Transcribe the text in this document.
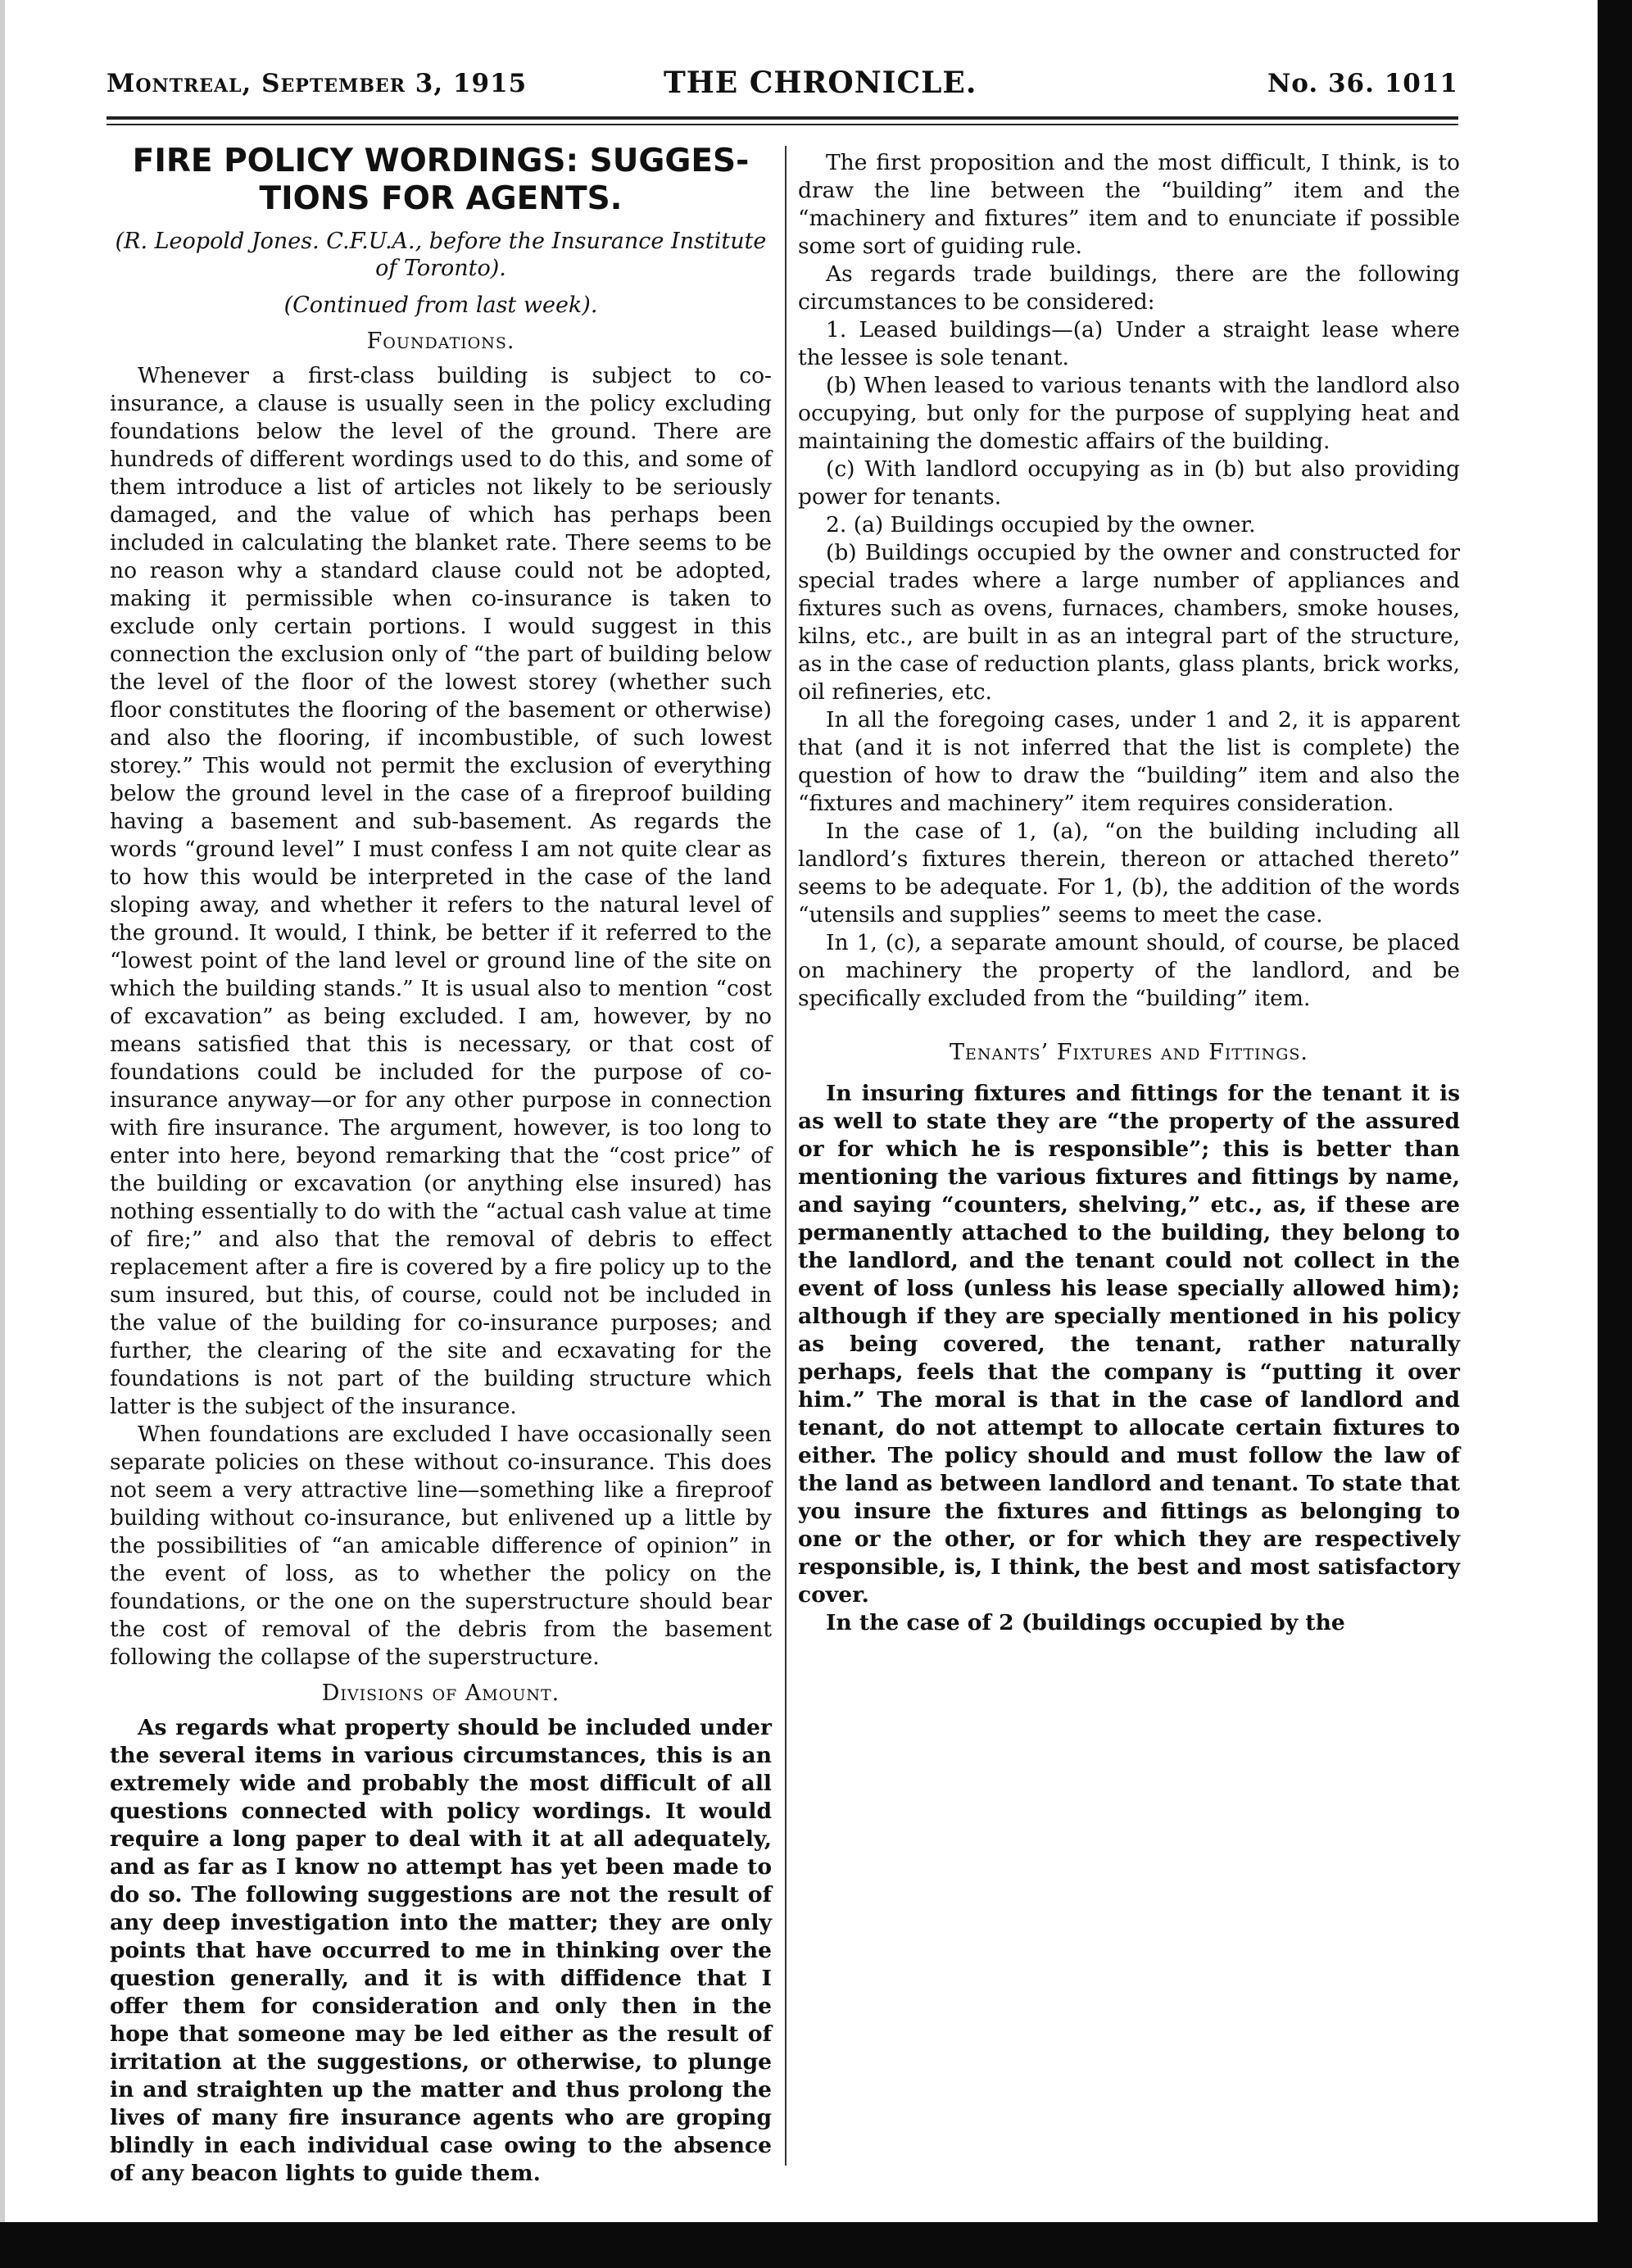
Montreal, September 3, 1915	THE CHRONICLE.	No. 36. 1011
FIRE POLICY WORDINGS: SUGGES-TIONS FOR AGENTS.
(R. Leopold Jones. C.F.U.A., before the Insurance Institute of Toronto).
(Continued from last week).
Foundations.

Whenever a first-class building is subject to co-insurance, a clause is usually seen in the policy excluding foundations below the level of the ground. There are hundreds of different wordings used to do this, and some of them introduce a list of articles not likely to be seriously damaged, and the value of which has perhaps been included in calculating the blanket rate. There seems to be no reason why a standard clause could not be adopted, making it permissible when co-insurance is taken to exclude only certain portions. I would suggest in this connection the exclusion only of “the part of building below the level of the floor of the lowest storey (whether such floor constitutes the flooring of the basement or otherwise) and also the flooring, if incombustible, of such lowest storey.” This would not permit the exclusion of everything below the ground level in the case of a fireproof building having a basement and sub-basement. As regards the words “ground level” I must confess I am not quite clear as to how this would be interpreted in the case of the land sloping away, and whether it refers to the natural level of the ground. It would, I think, be better if it referred to the “lowest point of the land level or ground line of the site on which the building stands.” It is usual also to mention “cost of excavation” as being excluded. I am, however, by no means satisfied that this is necessary, or that cost of foundations could be included for the purpose of co-insurance anyway—or for any other purpose in connection with fire insurance. The argument, however, is too long to enter into here, beyond remarking that the “cost price” of the building or excavation (or anything else insured) has nothing essentially to do with the “actual cash value at time of fire;” and also that the removal of debris to effect replacement after a fire is covered by a fire policy up to the sum insured, but this, of course, could not be included in the value of the building for co-insurance purposes; and further, the clearing of the site and ecxavating for the foundations is not part of the building structure which latter is the subject of the insurance.

When foundations are excluded I have occasionally seen separate policies on these without co-insurance. This does not seem a very attractive line—something like a fireproof building without co-insurance, but enlivened up a little by the possibilities of “an amicable difference of opinion” in the event of loss, as to whether the policy on the foundations, or the one on the superstructure should bear the cost of removal of the debris from the basement following the collapse of the superstructure.

Divisions of Amount.

As regards what property should be included under the several items in various circumstances, this is an extremely wide and probably the most difficult of all questions connected with policy wordings. It would require a long paper to deal with it at all adequately, and as far as I know no attempt has yet been made to do so. The following suggestions are not the result of any deep investigation into the matter; they are only points that have occurred to me in thinking over the question generally, and it is with diffidence that I offer them for consideration and only then in the hope that someone may be led either as the result of irritation at the suggestions, or otherwise, to plunge in and straighten up the matter and thus prolong the lives of many fire insurance agents who are groping blindly in each individual case owing to the absence of any beacon lights to guide them.

The first proposition and the most difficult, I think, is to draw the line between the “building” item and the “machinery and fixtures” item and to enunciate if possible some sort of guiding rule.

As regards trade buildings, there are the following circumstances to be considered:

1. Leased buildings—(a) Under a straight lease where the lessee is sole tenant.

(b) When leased to various tenants with the landlord also occupying, but only for the purpose of supplying heat and maintaining the domestic affairs of the building.

(c) With landlord occupying as in (b) but also providing power for tenants.

2. (a) Buildings occupied by the owner.

(b) Buildings occupied by the owner and constructed for special trades where a large number of appliances and fixtures such as ovens, furnaces, chambers, smoke houses, kilns, etc., are built in as an integral part of the structure, as in the case of reduction plants, glass plants, brick works, oil refineries, etc.

In all the foregoing cases, under 1 and 2, it is apparent that (and it is not inferred that the list is complete) the question of how to draw the “building” item and also the “fixtures and machinery” item requires consideration.

In the case of 1, (a), “on the building including all landlord’s fixtures therein, thereon or attached thereto” seems to be adequate. For 1, (b), the addition of the words “utensils and supplies” seems to meet the case.

In 1, (c), a separate amount should, of course, be placed on machinery the property of the landlord, and be specifically excluded from the “building” item.

Tenants’ Fixtures and Fittings.

In insuring fixtures and fittings for the tenant it is as well to state they are “the property of the assured or for which he is responsible”; this is better than mentioning the various fixtures and fittings by name, and saying “counters, shelving,” etc., as, if these are permanently attached to the building, they belong to the landlord, and the tenant could not collect in the event of loss (unless his lease specially allowed him); although if they are specially mentioned in his policy as being covered, the tenant, rather naturally perhaps, feels that the company is “putting it over him.” The moral is that in the case of landlord and tenant, do not attempt to allocate certain fixtures to either. The policy should and must follow the law of the land as between landlord and tenant. To state that you insure the fixtures and fittings as belonging to one or the other, or for which they are respectively responsible, is, I think, the best and most satisfactory cover.

In the case of 2 (buildings occupied by the
